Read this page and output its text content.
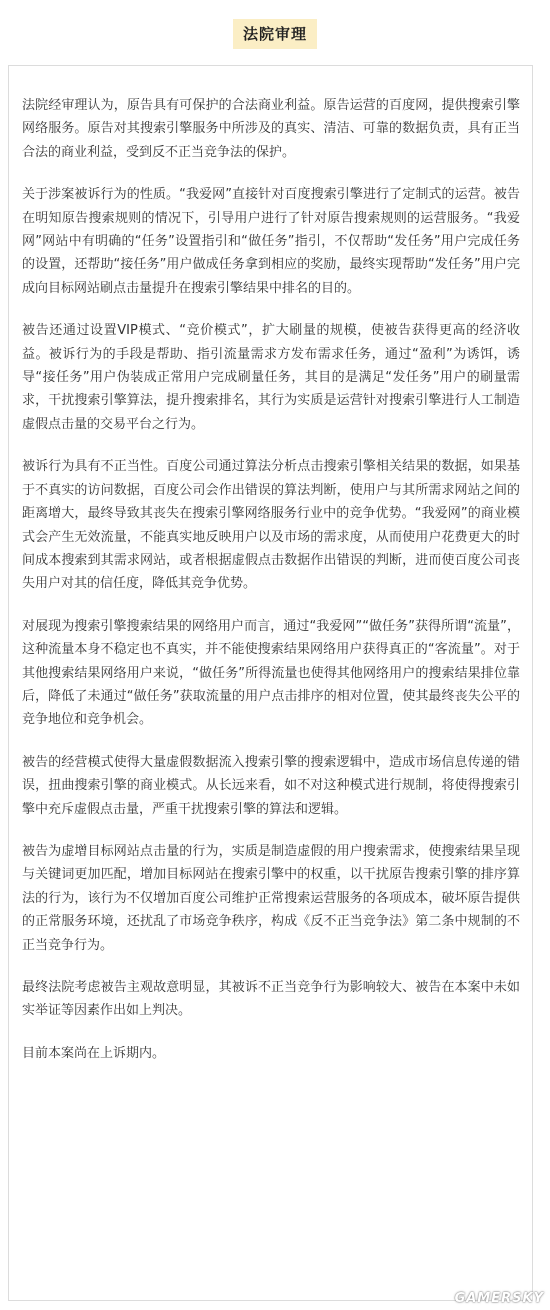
法院审理

法院经审理认为，原告具有可保护的合法商业利益。原告运营的百度网，提供搜索引擎网络服务。原告对其搜索引擎服务中所涉及的真实、清洁、可靠的数据负责，具有正当合法的商业利益，受到反不正当竞争法的保护。

关于涉案被诉行为的性质。“我爱网”直接针对百度搜索引擎进行了定制式的运营。被告在明知原告搜索规则的情况下，引导用户进行了针对原告搜索规则的运营服务。“我爱网”网站中有明确的“任务”设置指引和“做任务”指引，不仅帮助“发任务”用户完成任务的设置，还帮助“接任务”用户做成任务拿到相应的奖励，最终实现帮助“发任务”用户完成向目标网站刷点击量提升在搜索引擎结果中排名的目的。

被告还通过设置VIP模式、“竞价模式”，扩大刷量的规模，使被告获得更高的经济收益。被诉行为的手段是帮助、指引流量需求方发布需求任务，通过“盈利”为诱饵，诱导“接任务”用户伪装成正常用户完成刷量任务，其目的是满足“发任务”用户的刷量需求，干扰搜索引擎算法，提升搜索排名，其行为实质是运营针对搜索引擎进行人工制造虚假点击量的交易平台之行为。

被诉行为具有不正当性。百度公司通过算法分析点击搜索引擎相关结果的数据，如果基于不真实的访问数据，百度公司会作出错误的算法判断，使用户与其所需求网站之间的距离增大，最终导致其丧失在搜索引擎网络服务行业中的竞争优势。“我爱网”的商业模式会产生无效流量，不能真实地反映用户以及市场的需求度，从而使用户花费更大的时间成本搜索到其需求网站，或者根据虚假点击数据作出错误的判断，进而使百度公司丧失用户对其的信任度，降低其竞争优势。

对展现为搜索引擎搜索结果的网络用户而言，通过“我爱网”“做任务”获得所谓“流量”，这种流量本身不稳定也不真实，并不能使搜索结果网络用户获得真正的“客流量”。对于其他搜索结果网络用户来说，“做任务”所得流量也使得其他网络用户的搜索结果排位靠后，降低了未通过“做任务”获取流量的用户点击排序的相对位置，使其最终丧失公平的竞争地位和竞争机会。

被告的经营模式使得大量虚假数据流入搜索引擎的搜索逻辑中，造成市场信息传递的错误，扭曲搜索引擎的商业模式。从长远来看，如不对这种模式进行规制，将使得搜索引擎中充斥虚假点击量，严重干扰搜索引擎的算法和逻辑。

被告为虚增目标网站点击量的行为，实质是制造虚假的用户搜索需求，使搜索结果呈现与关键词更加匹配，增加目标网站在搜索引擎中的权重，以干扰原告搜索引擎的排序算法的行为，该行为不仅增加百度公司维护正常搜索运营服务的各项成本，破坏原告提供的正常服务环境，还扰乱了市场竞争秩序，构成《反不正当竞争法》第二条中规制的不正当竞争行为。

最终法院考虑被告主观故意明显，其被诉不正当竞争行为影响较大、被告在本案中未如实举证等因素作出如上判决。

目前本案尚在上诉期内。

GAMERSKY
